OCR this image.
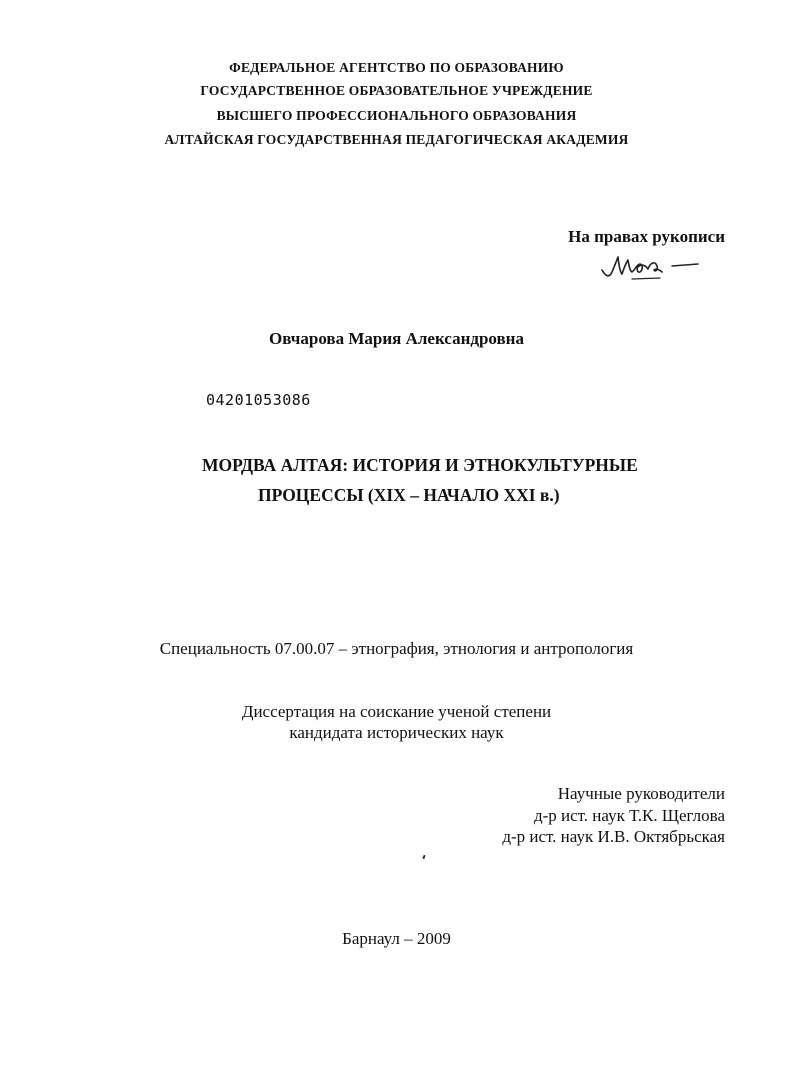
ФЕДЕРАЛЬНОЕ АГЕНТСТВО ПО ОБРАЗОВАНИЮ
ГОСУДАРСТВЕННОЕ ОБРАЗОВАТЕЛЬНОЕ УЧРЕЖДЕНИЕ
ВЫСШЕГО ПРОФЕССИОНАЛЬНОГО ОБРАЗОВАНИЯ
АЛТАЙСКАЯ ГОСУДАРСТВЕННАЯ ПЕДАГОГИЧЕСКАЯ АКАДЕМИЯ
На правах рукописи
Овчарова Мария Александровна
04201053086
МОРДВА АЛТАЯ: ИСТОРИЯ И ЭТНОКУЛЬТУРНЫЕ
ПРОЦЕССЫ (XIX – НАЧАЛО XXI в.)
Специальность 07.00.07 – этнография, этнология и антропология
Диссертация на соискание ученой степени
кандидата исторических наук
Научные руководители
д-р ист. наук Т.К. Щеглова
д-р ист. наук И.В. Октябрьская
Барнаул – 2009
